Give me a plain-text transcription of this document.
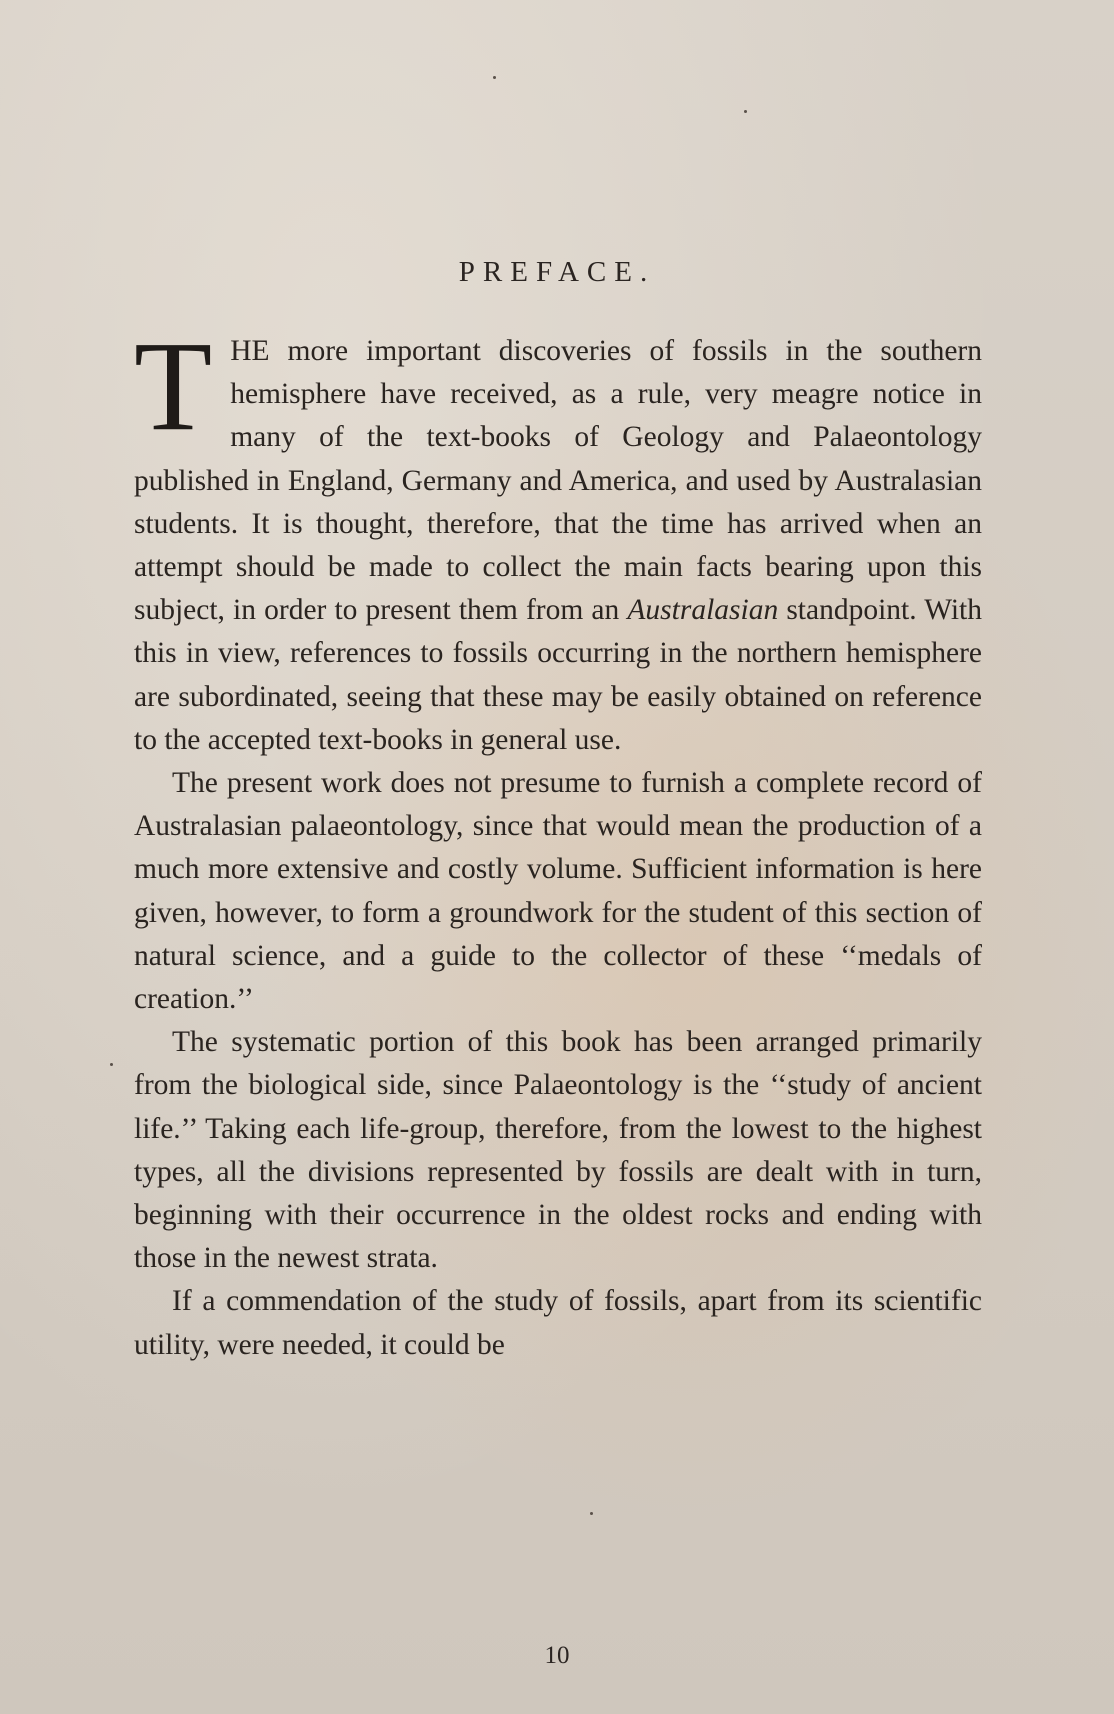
PREFACE.

T HE more important discoveries of fossils in the southern hemisphere have received, as a rule, very meagre notice in many of the text-books of Geology and Palaeontology published in England, Germany and America, and used by Australasian students. It is thought, therefore, that the time has arrived when an attempt should be made to collect the main facts bearing upon this subject, in order to present them from an Australasian standpoint. With this in view, references to fossils occurring in the northern hemisphere are subordinated, seeing that these may be easily obtained on reference to the accepted text-books in general use.

The present work does not presume to furnish a complete record of Australasian palaeontology, since that would mean the production of a much more extensive and costly volume. Sufficient information is here given, however, to form a groundwork for the student of this section of natural science, and a guide to the collector of these ‘‘medals of creation.’’

The systematic portion of this book has been arranged primarily from the biological side, since Palaeontology is the ‘‘study of ancient life.’’ Taking each life-group, therefore, from the lowest to the highest types, all the divisions represented by fossils are dealt with in turn, beginning with their occurrence in the oldest rocks and ending with those in the newest strata.

If a commendation of the study of fossils, apart from its scientific utility, were needed, it could be

10
